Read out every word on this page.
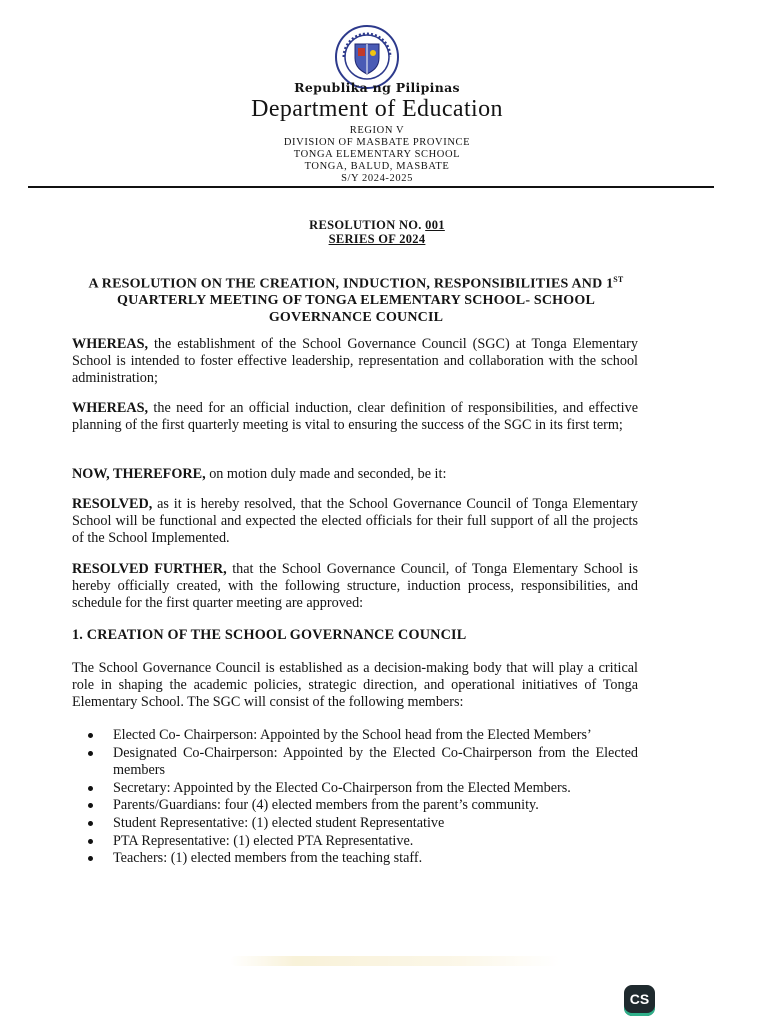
Republika ng Pilipinas
Department of Education
REGION V
DIVISION OF MASBATE PROVINCE
TONGA ELEMENTARY SCHOOL
TONGA, BALUD, MASBATE
S/Y 2024-2025
RESOLUTION NO. 001
SERIES OF 2024
A RESOLUTION ON THE CREATION, INDUCTION, RESPONSIBILITIES AND 1ST QUARTERLY MEETING OF TONGA ELEMENTARY SCHOOL- SCHOOL GOVERNANCE COUNCIL
WHEREAS, the establishment of the School Governance Council (SGC) at Tonga Elementary School is intended to foster effective leadership, representation and collaboration with the school administration;
WHEREAS, the need for an official induction, clear definition of responsibilities, and effective planning of the first quarterly meeting is vital to ensuring the success of the SGC in its first term;
NOW, THEREFORE, on motion duly made and seconded, be it:
RESOLVED, as it is hereby resolved, that the School Governance Council of Tonga Elementary School will be functional and expected the elected officials for their full support of all the projects of the School Implemented.
RESOLVED FURTHER, that the School Governance Council, of Tonga Elementary School is hereby officially created, with the following structure, induction process, responsibilities, and schedule for the first quarter meeting are approved:
1. CREATION OF THE SCHOOL GOVERNANCE COUNCIL
The School Governance Council is established as a decision-making body that will play a critical role in shaping the academic policies, strategic direction, and operational initiatives of Tonga Elementary School. The SGC will consist of the following members:
Elected Co- Chairperson: Appointed by the School head from the Elected Members’
Designated Co-Chairperson: Appointed by the Elected Co-Chairperson from the Elected members
Secretary: Appointed by the Elected Co-Chairperson from the Elected Members.
Parents/Guardians: four (4) elected members from the parent’s community.
Student Representative: (1) elected student Representative
PTA Representative: (1) elected PTA Representative.
Teachers: (1) elected members from the teaching staff.
CS
